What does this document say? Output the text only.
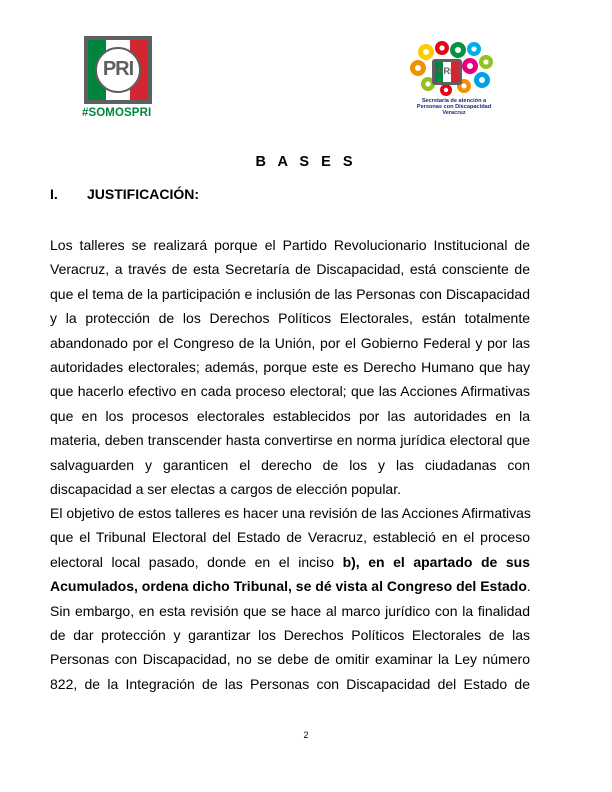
PRI
#SOMOSPRI
PRI
Secretaría de atención a
Personas con Discapacidad
Veracruz
B A S E S
I. JUSTIFICACIÓN:
Los talleres se realizará porque el Partido Revolucionario Institucional de
Veracruz, a través de esta Secretaría de Discapacidad, está consciente de
que el tema de la participación e inclusión de las Personas con Discapacidad
y la protección de los Derechos Políticos Electorales, están totalmente
abandonado por el Congreso de la Unión, por el Gobierno Federal y por las
autoridades electorales; además, porque este es Derecho Humano que hay
que hacerlo efectivo en cada proceso electoral; que las Acciones Afirmativas
que en los procesos electorales establecidos por las autoridades en la
materia, deben transcender hasta convertirse en norma jurídica electoral que
salvaguarden y garanticen el derecho de los y las ciudadanas con
discapacidad a ser electas a cargos de elección popular.
El objetivo de estos talleres es hacer una revisión de las Acciones Afirmativas
que el Tribunal Electoral del Estado de Veracruz, estableció en el proceso
electoral local pasado, donde en el inciso b), en el apartado de sus
Acumulados, ordena dicho Tribunal, se dé vista al Congreso del Estado.
Sin embargo, en esta revisión que se hace al marco jurídico con la finalidad
de dar protección y garantizar los Derechos Políticos Electorales de las
Personas con Discapacidad, no se debe de omitir examinar la Ley número
822, de la Integración de las Personas con Discapacidad del Estado de
2
